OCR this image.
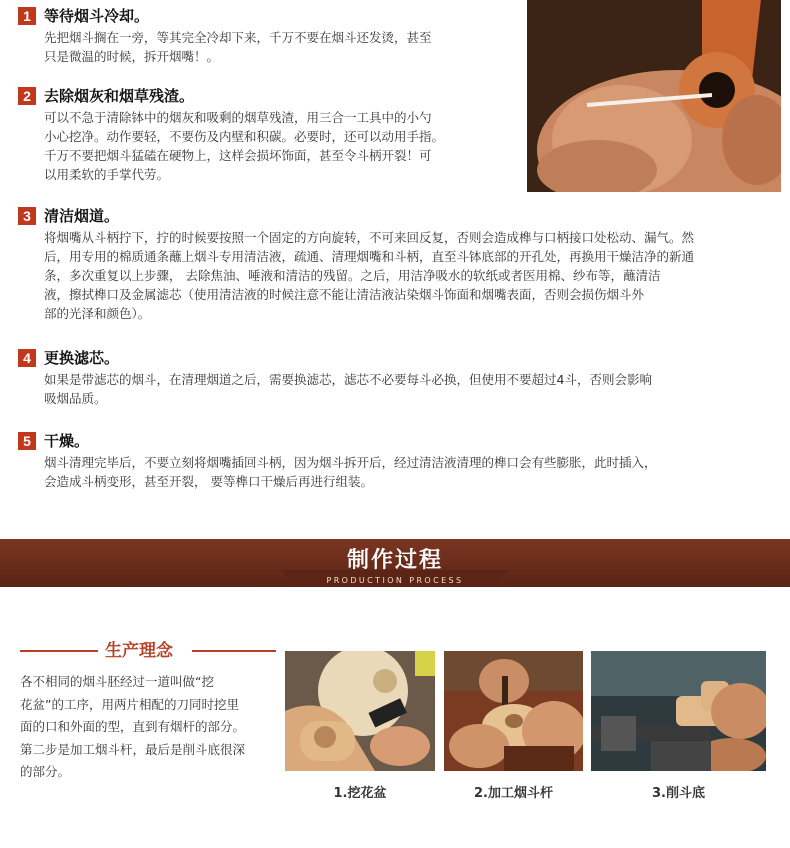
1 等待烟斗冷却。
先把烟斗搁在一旁，等其完全冷却下来，千万不要在烟斗还发烫，甚至
只是微温的时候，拆开烟嘴！。
2 去除烟灰和烟草残渣。
可以不急于清除钵中的烟灰和吸剩的烟草残渣，用三合一工具中的小勺
小心挖净。动作要轻，不要伤及内壁和积碳。必要时，还可以动用手指。
千万不要把烟斗猛磕在硬物上，这样会损坏饰面，甚至令斗柄开裂！可
以用柔软的手掌代劳。
3 清洁烟道。
将烟嘴从斗柄拧下，拧的时候要按照一个固定的方向旋转，不可来回反复，否则会造成榫与口柄接口处松动、漏气。然
后，用专用的棉质通条蘸上烟斗专用清洁液，疏通、清理烟嘴和斗柄，直至斗钵底部的开孔处，再换用干燥洁净的新通
条，多次重复以上步骤， 去除焦油、唾液和清洁的残留。之后，用洁净吸水的软纸或者医用棉、纱布等，蘸清洁
液，擦拭榫口及金属滤芯（使用清洁液的时候注意不能让清洁液沾染烟斗饰面和烟嘴表面，否则会损伤烟斗外
部的光泽和颜色）。
4 更换滤芯。
如果是带滤芯的烟斗，在清理烟道之后，需要换滤芯，滤芯不必要每斗必换，但使用不要超过4斗，否则会影响
吸烟品质。
5 干燥。
烟斗清理完毕后，不要立刻将烟嘴插回斗柄，因为烟斗拆开后，经过清洁液清理的榫口会有些膨胀，此时插入，
会造成斗柄变形，甚至开裂， 要等榫口干燥后再进行组装。
制作过程
PRODUCTION PROCESS
生产理念
各不相同的烟斗胚经过一道叫做“挖
花盆”的工序，用两片相配的刀同时挖里
面的口和外面的型，直到有烟杆的部分。
第二步是加工烟斗杆，最后是削斗底很深
的部分。
1.挖花盆	2.加工烟斗杆	3.削斗底
